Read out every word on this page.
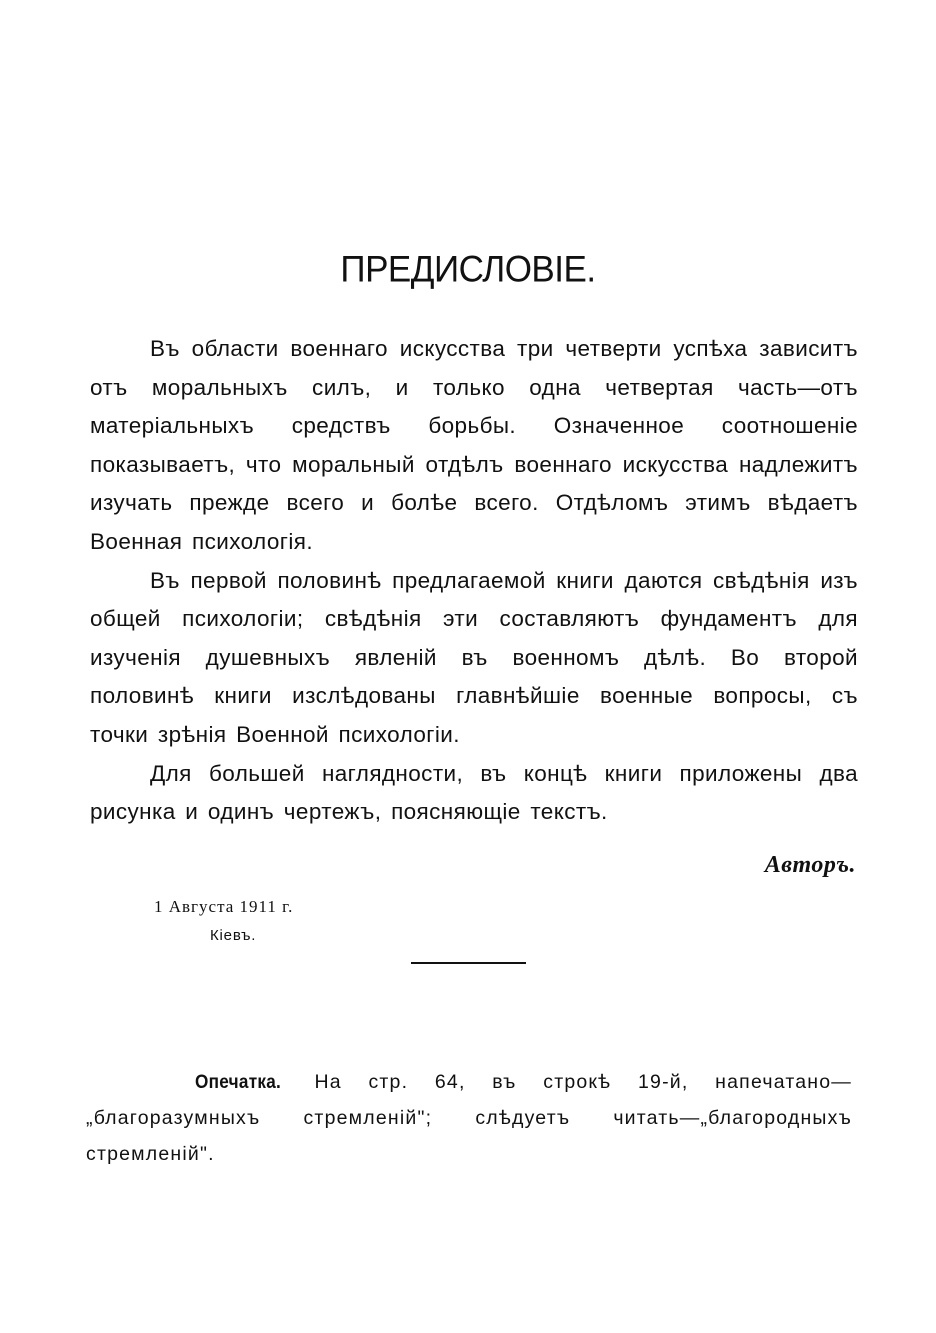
ПРЕДИСЛОВІЕ.

Въ области военнаго искусства три четверти успѣха зависитъ отъ моральныхъ силъ, и только одна четвертая часть—отъ матеріальныхъ средствъ борьбы. Означенное соотношеніе показываетъ, что моральный отдѣлъ военнаго искусства надлежитъ изучать прежде всего и болѣе всего. Отдѣломъ этимъ вѣдаетъ Военная психологія.

Въ первой половинѣ предлагаемой книги даются свѣдѣнія изъ общей психологіи; свѣдѣнія эти составляютъ фундаментъ для изученія душевныхъ явленій въ военномъ дѣлѣ. Во второй половинѣ книги изслѣдованы главнѣйшіе военные вопросы, съ точки зрѣнія Военной психологіи.

Для большей наглядности, въ концѣ книги приложены два рисунка и одинъ чертежъ, поясняющіе текстъ.

Авторъ.
1 Августа 1911 г.
Кіевъ.

Опечатка. На стр. 64, въ строкѣ 19-й, напечатано—„благоразумныхъ стремленій"; слѣдуетъ читать—„благородныхъ стремленій".
